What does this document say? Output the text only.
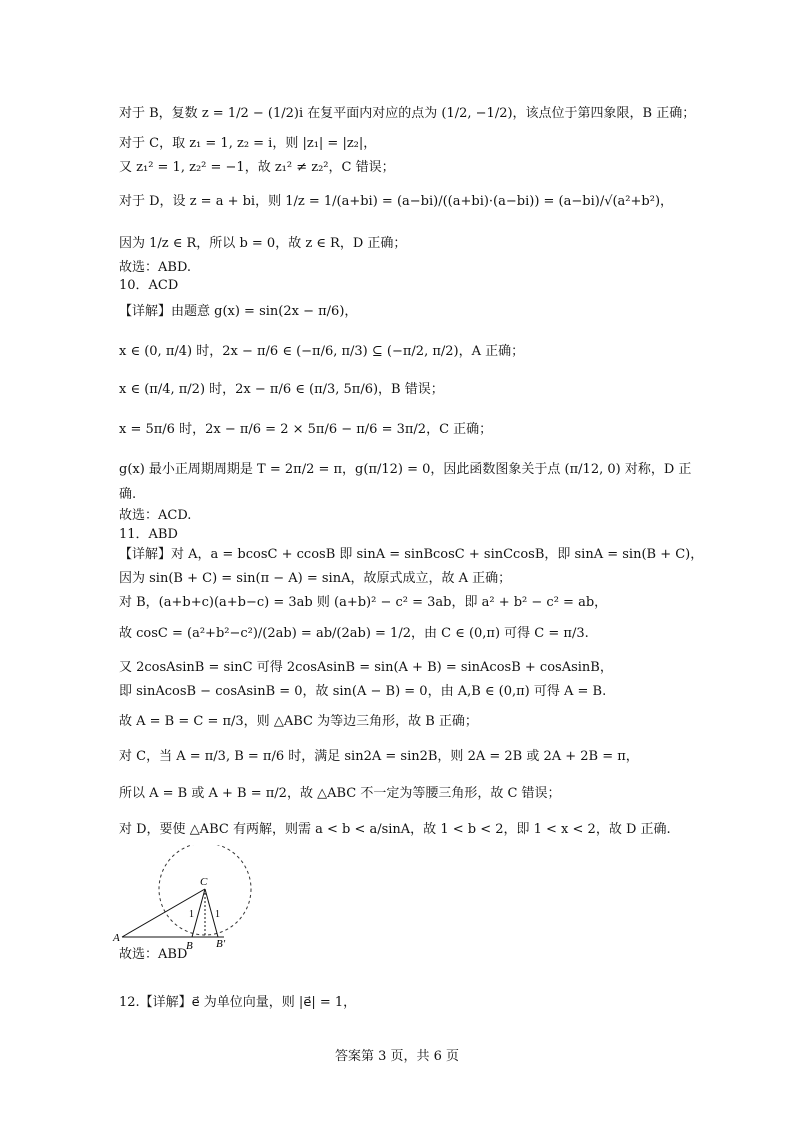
对于 B，复数 z = 1/2 − (1/2)i 在复平面内对应的点为 (1/2, −1/2)，该点位于第四象限，B 正确；
对于 C，取 z₁ = 1, z₂ = i，则 |z₁| = |z₂|，
又 z₁² = 1, z₂² = −1，故 z₁² ≠ z₂²，C 错误；
对于 D，设 z = a + bi，则 1/z = 1/(a+bi) = (a−bi)/((a+bi)·(a−bi)) = (a−bi)/√(a²+b²)，
因为 1/z ∈ R，所以 b = 0，故 z ∈ R，D 正确；
故选：ABD.
10．ACD
【详解】由题意 g(x) = sin(2x − π/6)，
x ∈ (0, π/4) 时，2x − π/6 ∈ (−π/6, π/3) ⊆ (−π/2, π/2)，A 正确；
x ∈ (π/4, π/2) 时，2x − π/6 ∈ (π/3, 5π/6)，B 错误；
x = 5π/6 时，2x − π/6 = 2 × 5π/6 − π/6 = 3π/2，C 正确；
g(x) 最小正周期周期是 T = 2π/2 = π，g(π/12) = 0，因此函数图象关于点 (π/12, 0) 对称，D 正
确.
故选：ACD.
11．ABD
【详解】对 A，a = bcosC + ccosB 即 sinA = sinBcosC + sinCcosB，即 sinA = sin(B + C)，
因为 sin(B + C) = sin(π − A) = sinA，故原式成立，故 A 正确；
对 B，(a+b+c)(a+b−c) = 3ab 则 (a+b)² − c² = 3ab，即 a² + b² − c² = ab，
故 cosC = (a²+b²−c²)/(2ab) = ab/(2ab) = 1/2，由 C ∈ (0,π) 可得 C = π/3.
又 2cosAsinB = sinC 可得 2cosAsinB = sin(A + B) = sinAcosB + cosAsinB，
即 sinAcosB − cosAsinB = 0，故 sin(A − B) = 0，由 A,B ∈ (0,π) 可得 A = B.
故 A = B = C = π/3，则 △ABC 为等边三角形，故 B 正确；
对 C，当 A = π/3, B = π/6 时，满足 sin2A = sin2B，则 2A = 2B 或 2A + 2B = π，
所以 A = B 或 A + B = π/2，故 △ABC 不一定为等腰三角形，故 C 错误；
对 D，要使 △ABC 有两解，则需 a < b < a/sinA，故 1 < b < 2，即 1 < x < 2，故 D 正确.
C
A
B B′
1 1
故选：ABD
12.【详解】e⃗ 为单位向量，则 |e⃗| = 1，
答案第 3 页，共 6 页
